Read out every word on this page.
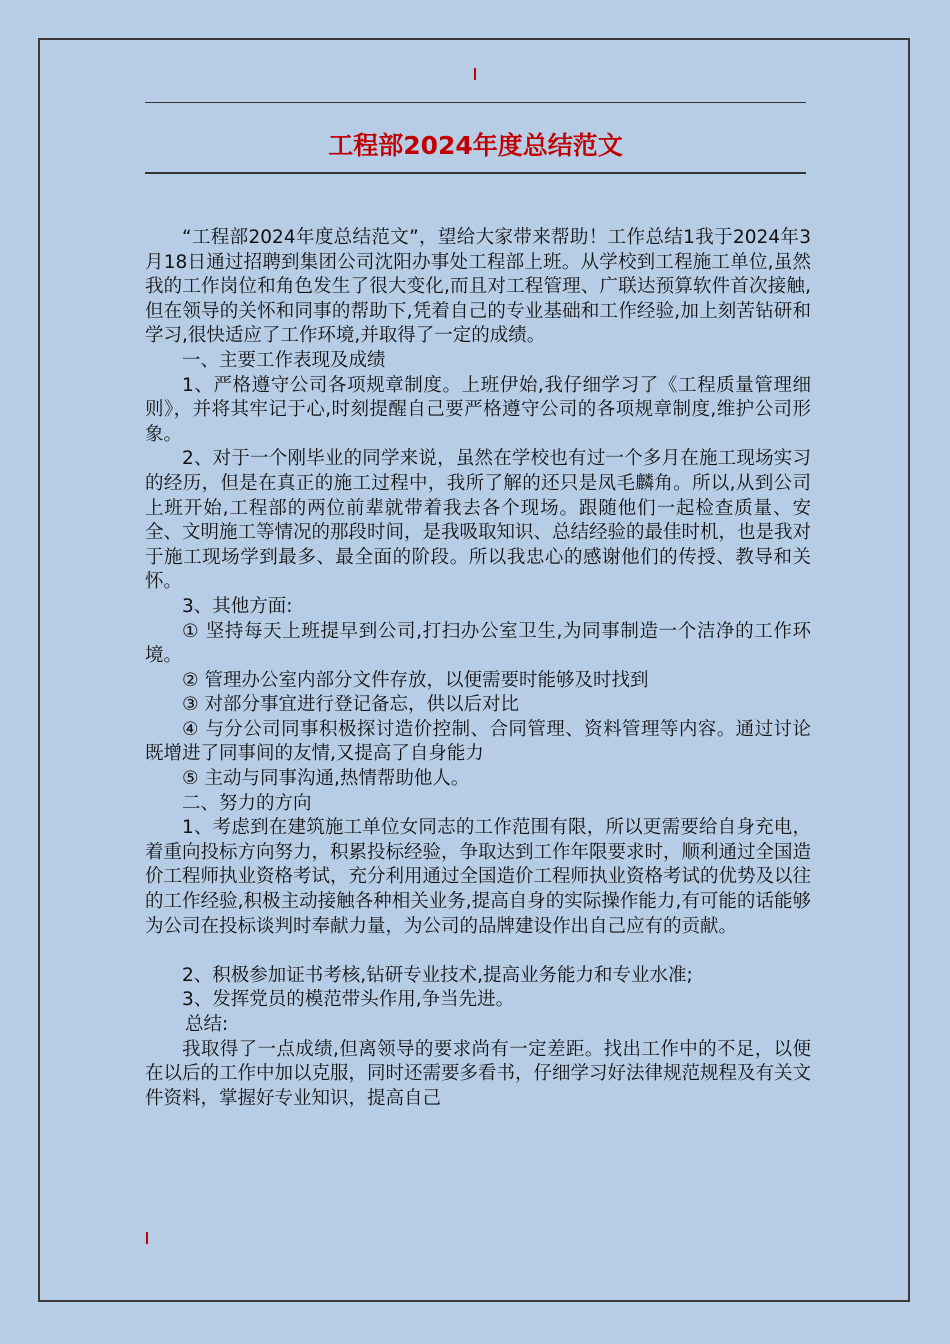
工程部2024年度总结范文

“工程部2024年度总结范文”，望给大家带来帮助！工作总结1我于2024年3月18日通过招聘到集团公司沈阳办事处工程部上班。从学校到工程施工单位,虽然我的工作岗位和角色发生了很大变化,而且对工程管理、广联达预算软件首次接触,但在领导的关怀和同事的帮助下,凭着自己的专业基础和工作经验,加上刻苦钻研和学习,很快适应了工作环境,并取得了一定的成绩。

一、主要工作表现及成绩

1、严格遵守公司各项规章制度。上班伊始,我仔细学习了《工程质量管理细则》，并将其牢记于心,时刻提醒自己要严格遵守公司的各项规章制度,维护公司形象。

2、对于一个刚毕业的同学来说，虽然在学校也有过一个多月在施工现场实习的经历，但是在真正的施工过程中，我所了解的还只是凤毛麟角。所以,从到公司上班开始,工程部的两位前辈就带着我去各个现场。跟随他们一起检查质量、安全、文明施工等情况的那段时间，是我吸取知识、总结经验的最佳时机，也是我对于施工现场学到最多、最全面的阶段。所以我忠心的感谢他们的传授、教导和关怀。

3、其他方面:

① 坚持每天上班提早到公司,打扫办公室卫生,为同事制造一个洁净的工作环境。

② 管理办公室内部分文件存放，以便需要时能够及时找到

③ 对部分事宜进行登记备忘，供以后对比

④ 与分公司同事积极探讨造价控制、合同管理、资料管理等内容。通过讨论既增进了同事间的友情,又提高了自身能力

⑤ 主动与同事沟通,热情帮助他人。

二、努力的方向

1、考虑到在建筑施工单位女同志的工作范围有限，所以更需要给自身充电，着重向投标方向努力，积累投标经验，争取达到工作年限要求时，顺利通过全国造价工程师执业资格考试，充分利用通过全国造价工程师执业资格考试的优势及以往的工作经验,积极主动接触各种相关业务,提高自身的实际操作能力,有可能的话能够为公司在投标谈判时奉献力量，为公司的品牌建设作出自己应有的贡献。

2、积极参加证书考核,钻研专业技术,提高业务能力和专业水准;

3、发挥党员的模范带头作用,争当先进。

总结:

我取得了一点成绩,但离领导的要求尚有一定差距。找出工作中的不足，以便在以后的工作中加以克服，同时还需要多看书，仔细学习好法律规范规程及有关文件资料，掌握好专业知识，提高自己
